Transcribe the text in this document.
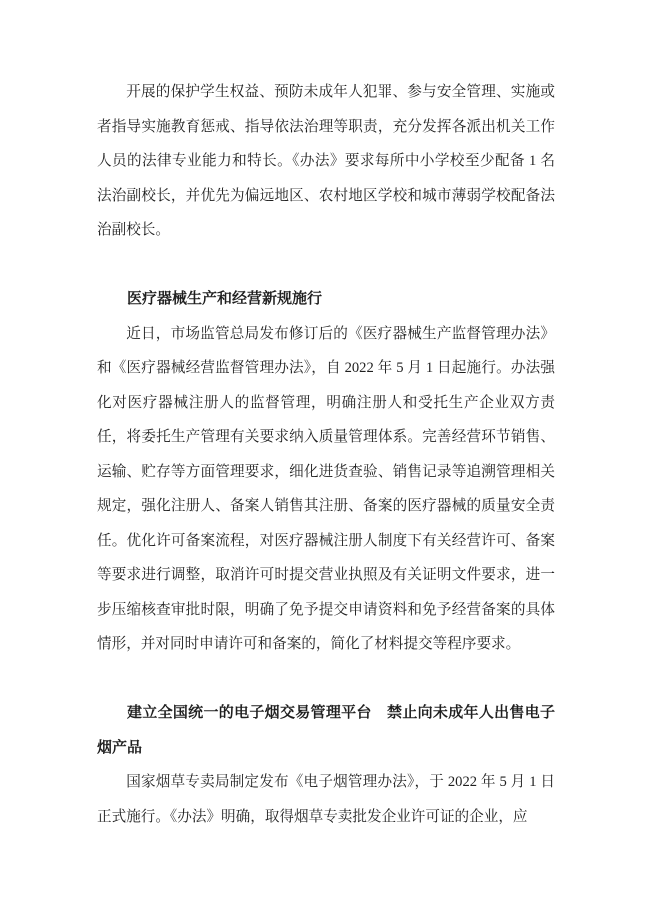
开展的保护学生权益、预防未成年人犯罪、参与安全管理、实施或者指导实施教育惩戒、指导依法治理等职责，充分发挥各派出机关工作人员的法律专业能力和特长。《办法》要求每所中小学校至少配备 1 名法治副校长，并优先为偏远地区、农村地区学校和城市薄弱学校配备法治副校长。

医疗器械生产和经营新规施行

近日，市场监管总局发布修订后的《医疗器械生产监督管理办法》和《医疗器械经营监督管理办法》，自 2022 年 5 月 1 日起施行。办法强化对医疗器械注册人的监督管理，明确注册人和受托生产企业双方责任，将委托生产管理有关要求纳入质量管理体系。完善经营环节销售、运输、贮存等方面管理要求，细化进货查验、销售记录等追溯管理相关规定，强化注册人、备案人销售其注册、备案的医疗器械的质量安全责任。优化许可备案流程，对医疗器械注册人制度下有关经营许可、备案等要求进行调整，取消许可时提交营业执照及有关证明文件要求，进一步压缩核查审批时限，明确了免予提交申请资料和免予经营备案的具体情形，并对同时申请许可和备案的，简化了材料提交等程序要求。

建立全国统一的电子烟交易管理平台　禁止向未成年人出售电子烟产品

国家烟草专卖局制定发布《电子烟管理办法》，于 2022 年 5 月 1 日正式施行。《办法》明确，取得烟草专卖批发企业许可证的企业，应
